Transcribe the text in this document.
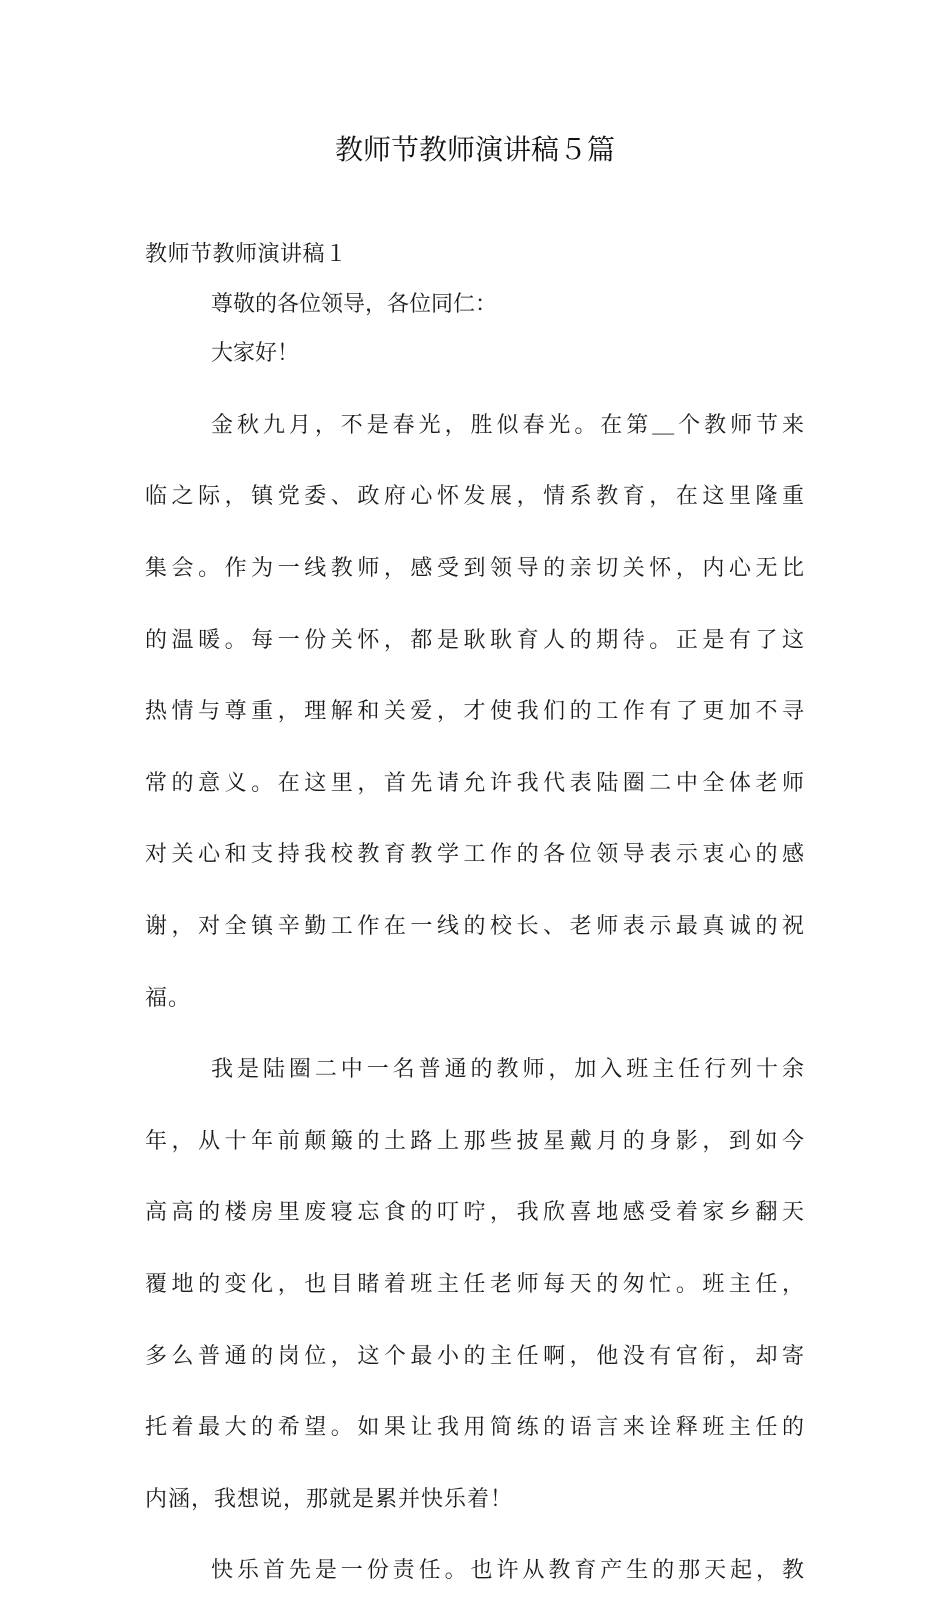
教师节教师演讲稿５篇

教师节教师演讲稿１

尊敬的各位领导，各位同仁：

大家好！

金秋九月，不是春光，胜似春光。在第＿个教师节来

临之际，镇党委、政府心怀发展，情系教育，在这里隆重

集会。作为一线教师，感受到领导的亲切关怀，内心无比

的温暖。每一份关怀，都是耿耿育人的期待。正是有了这

热情与尊重，理解和关爱，才使我们的工作有了更加不寻

常的意义。在这里，首先请允许我代表陆圈二中全体老师

对关心和支持我校教育教学工作的各位领导表示衷心的感

谢，对全镇辛勤工作在一线的校长、老师表示最真诚的祝

福。

我是陆圈二中一名普通的教师，加入班主任行列十余

年，从十年前颠簸的土路上那些披星戴月的身影，到如今

高高的楼房里废寝忘食的叮咛，我欣喜地感受着家乡翻天

覆地的变化，也目睹着班主任老师每天的匆忙。班主任，

多么普通的岗位，这个最小的主任啊，他没有官衔，却寄

托着最大的希望。如果让我用简练的语言来诠释班主任的

内涵，我想说，那就是累并快乐着！

快乐首先是一份责任。也许从教育产生的那天起，教
